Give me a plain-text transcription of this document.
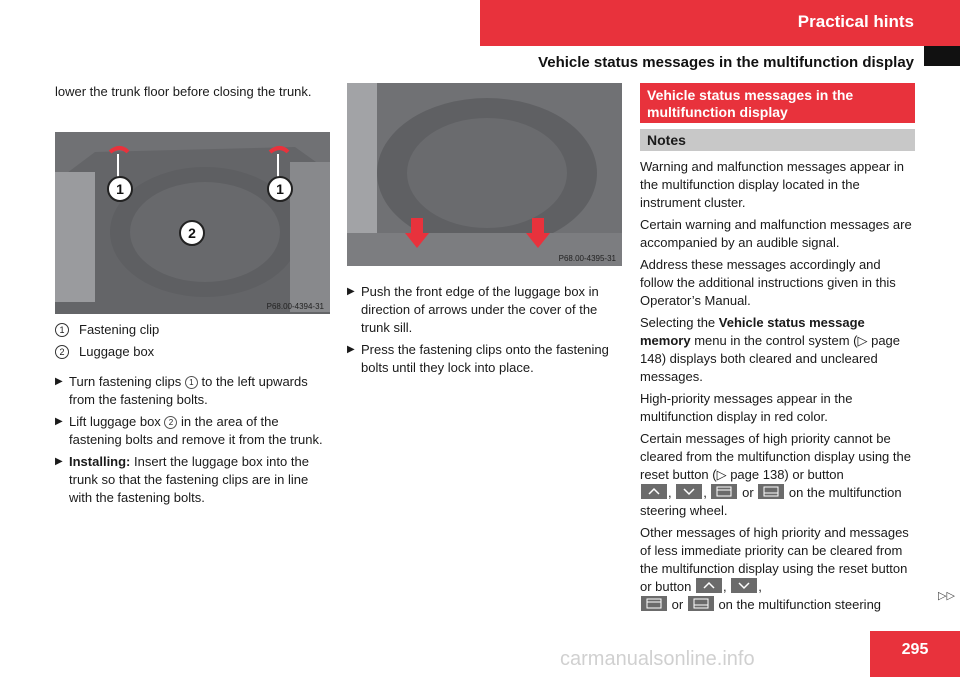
Practical hints
Vehicle status messages in the multifunction display
lower the trunk floor before closing the trunk.
1	1
2
P68.00-4394-31
1 Fastening clip
2 Luggage box
▶ Turn fastening clips 1 to the left upwards from the fastening bolts.
▶ Lift luggage box 2 in the area of the fastening bolts and remove it from the trunk.
▶ Installing: Insert the luggage box into the trunk so that the fastening clips are in line with the fastening bolts.
P68.00-4395-31
▶ Push the front edge of the luggage box in direction of arrows under the cover of the trunk sill.
▶ Press the fastening clips onto the fastening bolts until they lock into place.
Vehicle status messages in the multifunction display
Notes

Warning and malfunction messages appear in the multifunction display located in the instrument cluster.

Certain warning and malfunction messages are accompanied by an audible signal.

Address these messages accordingly and follow the additional instructions given in this Operator’s Manual.

Selecting the Vehicle status message memory menu in the control system (▷ page 148) displays both cleared and uncleared messages.

High-priority messages appear in the multifunction display in red color.

Certain messages of high priority cannot be cleared from the multifunction display using the reset button (▷ page 138) or button

,
,
or	on the multifunction steering wheel.

Other messages of high priority and messages of less immediate priority can be cleared from the multifunction display using the reset button or button ,
,

or	on the multifunction steering

▷▷
295
carmanualsonline.info
